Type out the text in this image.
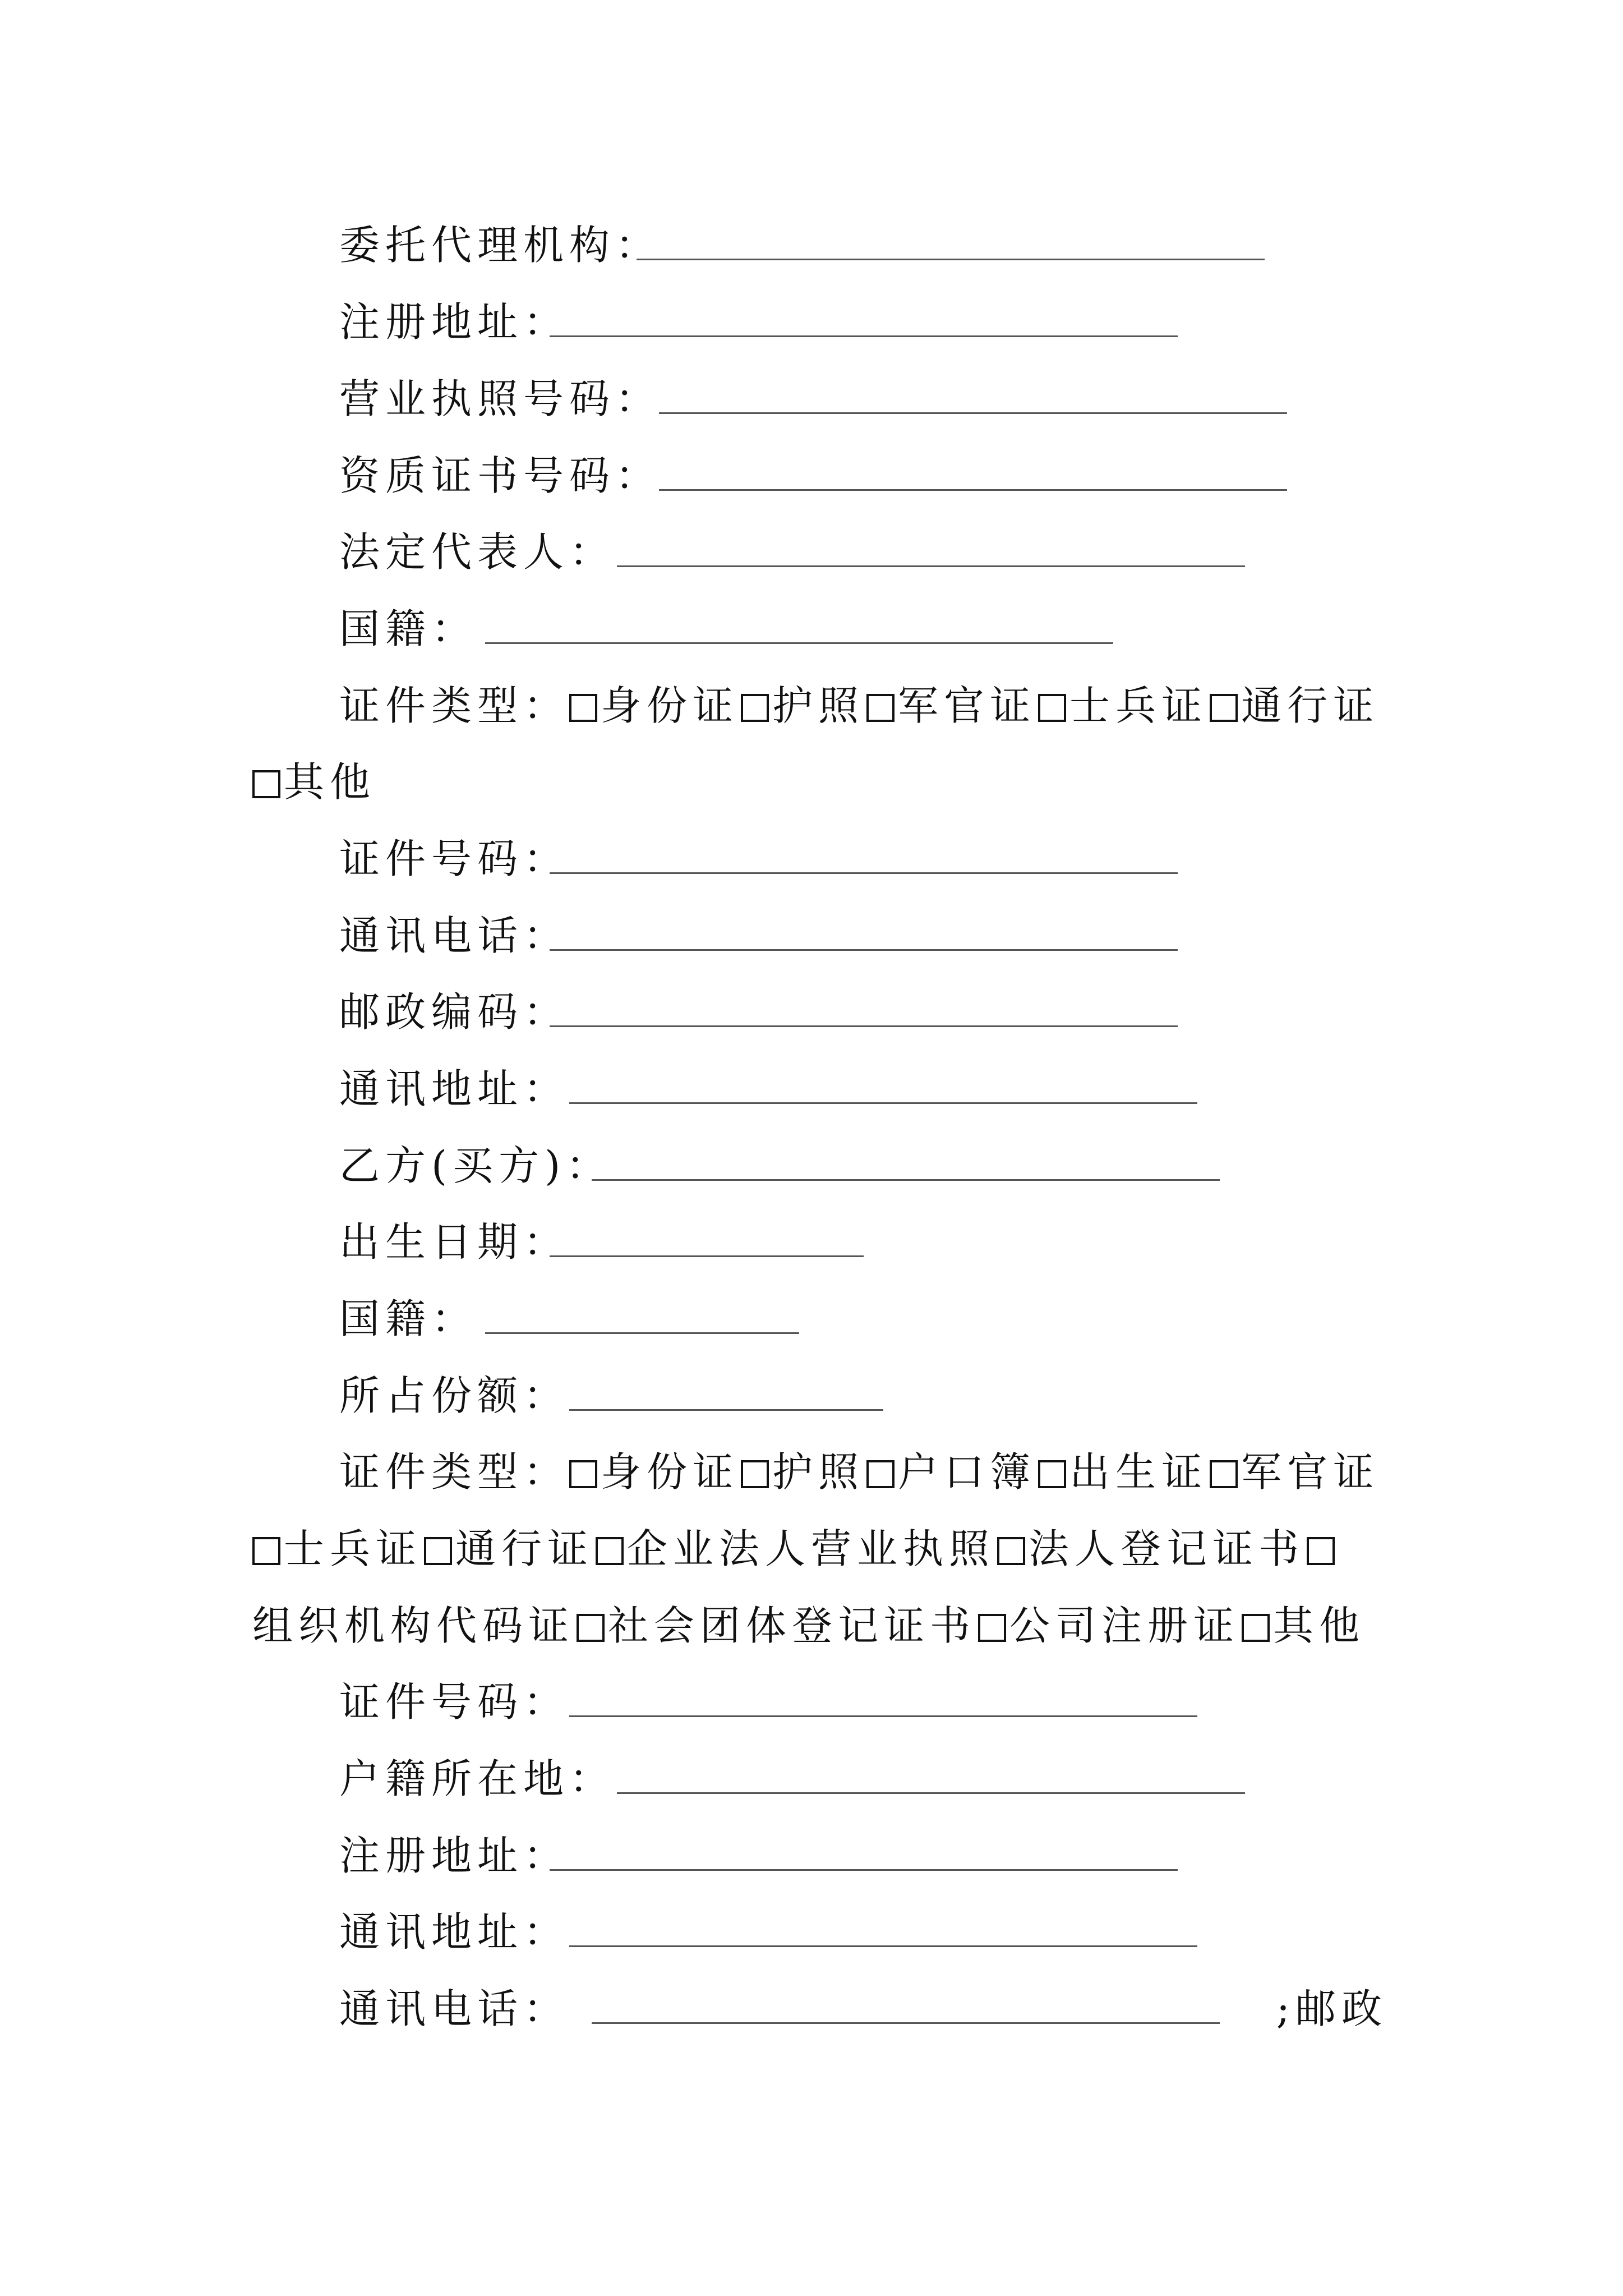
委托代理机构：
注册地址：
营业执照号码：
资质证书号码：
法定代表人：
国籍：
证件类型： 身份证 护照 军官证 士兵证 通行证
其他
证件号码：
通讯电话：
邮政编码：
通讯地址：
乙方(买方)：
出生日期：
国籍：
所占份额：
证件类型： 身份证 护照 户口簿 出生证 军官证
士兵证 通行证 企业法人营业执照 法人登记证书
组织机构代码证 社会团体登记证书 公司注册证 其他
证件号码：
户籍所在地：
注册地址：
通讯地址：
通讯电话：	;邮政
